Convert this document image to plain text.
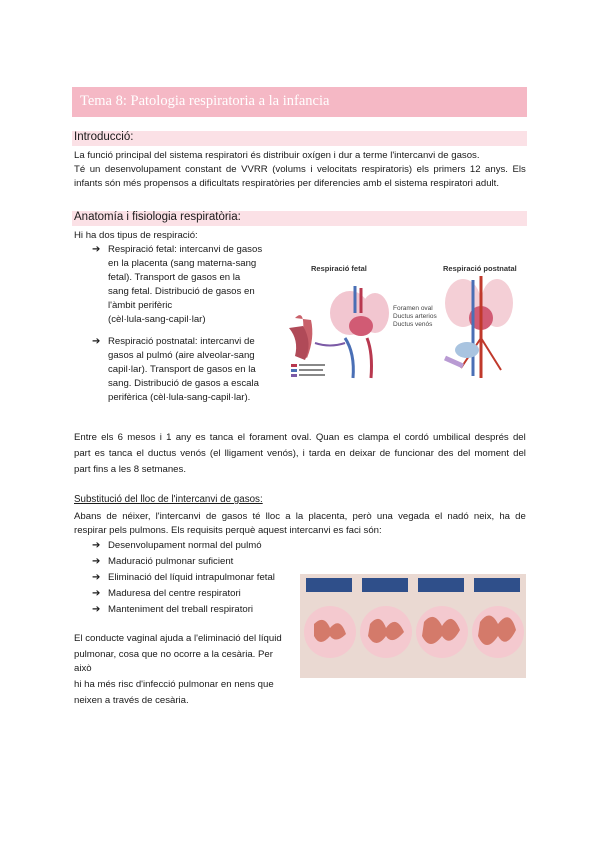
Tema 8: Patologia respiratoria a la infancia
Introducció:
La funció principal del sistema respiratori és distribuir oxígen i dur a terme l'intercanvi de gasos.
Té un desenvolupament constant de VVRR (volums i velocitats respiratoris) els primers 12 anys. Els
infants són més propensos a dificultats respiratòries per diferencies amb el sistema respiratori adult.
Anatomía i fisiologia respiratòria:
Hi ha dos tipus de respiració:
➔ Respiració fetal: intercanvi de gasos
en la placenta (sang materna-sang
fetal). Transport de gasos en la
sang fetal. Distribució de gasos en
l'àmbit perifèric
(cèl·lula-sang-capil·lar)
➔ Respiració postnatal: intercanvi de
gasos al pulmó (aire alveolar-sang
capil·lar). Transport de gasos en la
sang. Distribució de gasos a escala
perifèrica (cèl·lula-sang-capil·lar).
Respiració fetal	Respiració postnatal
Foramen oval
Ductus arterios
Ductus venós
Entre els 6 mesos i 1 any es tanca el forament oval. Quan es clampa el cordó umbilical després del
part es tanca el ductus venós (el lligament venós), i tarda en deixar de funcionar des del moment del
part fins a les 8 setmanes.
Substitució del lloc de l'intercanvi de gasos:
Abans de néixer, l'intercanvi de gasos té lloc a la placenta, però una vegada el nadó neix, ha de
respirar pels pulmons. Els requisits perquè aquest intercanvi es faci són:
➔ Desenvolupament normal del pulmó
➔ Maduració pulmonar suficient
➔ Eliminació del líquid intrapulmonar fetal
➔ Maduresa del centre respiratori
➔ Manteniment del treball respiratori
El conducte vaginal ajuda a l'eliminació del líquid
pulmonar, cosa que no ocorre a la cesària. Per
això
hi ha més risc d'infecció pulmonar en nens que
neixen a través de cesària.
